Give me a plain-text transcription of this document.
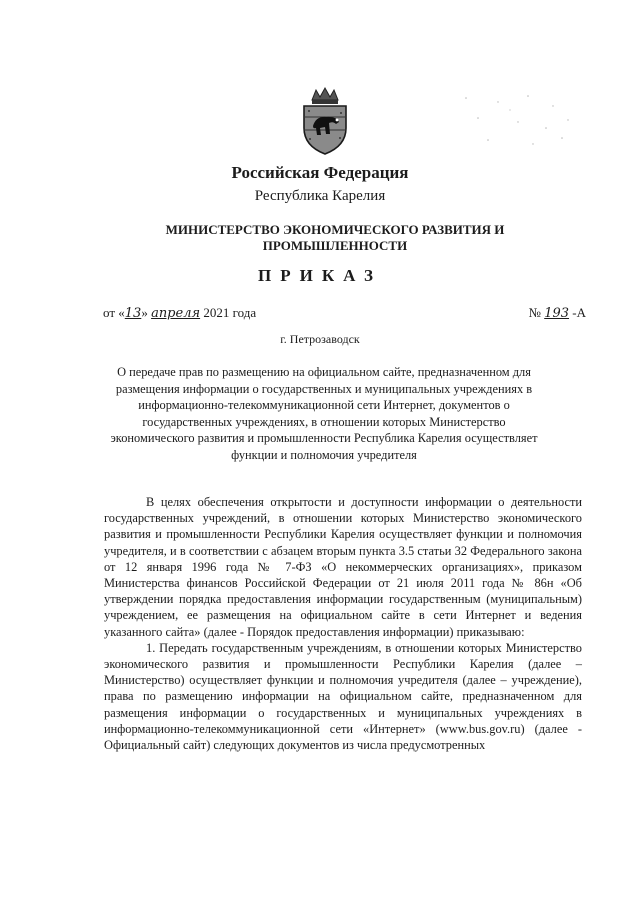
Российская Федерация
Республика Карелия
МИНИСТЕРСТВО ЭКОНОМИЧЕСКОГО РАЗВИТИЯ И ПРОМЫШЛЕННОСТИ
ПРИКАЗ
от «13» апреля 2021 года	№ 193 -А
г. Петрозаводск
О передаче прав по размещению на официальном сайте, предназначенном для размещения информации о государственных и муниципальных учреждениях в информационно-телекоммуникационной сети Интернет, документов о государственных учреждениях, в отношении которых Министерство экономического развития и промышленности Республика Карелия осуществляет функции и полномочия учредителя

В целях обеспечения открытости и доступности информации о деятельности государственных учреждений, в отношении которых Министерство экономического развития и промышленности Республики Карелия осуществляет функции и полномочия учредителя, и в соответствии с абзацем вторым пункта 3.5 статьи 32 Федерального закона от 12 января 1996 года № 7-ФЗ «О некоммерческих организациях», приказом Министерства финансов Российской Федерации от 21 июля 2011 года № 86н «Об утверждении порядка предоставления информации государственным (муниципальным) учреждением, ее размещения на официальном сайте в сети Интернет и ведения указанного сайта» (далее - Порядок предоставления информации) приказываю:

1. Передать государственным учреждениям, в отношении которых Министерство экономического развития и промышленности Республики Карелия (далее – Министерство) осуществляет функции и полномочия учредителя (далее – учреждение), права по размещению информации на официальном сайте, предназначенном для размещения информации о государственных и муниципальных учреждениях в информационно-телекоммуникационной сети «Интернет» (www.bus.gov.ru) (далее - Официальный сайт) следующих документов из числа предусмотренных
